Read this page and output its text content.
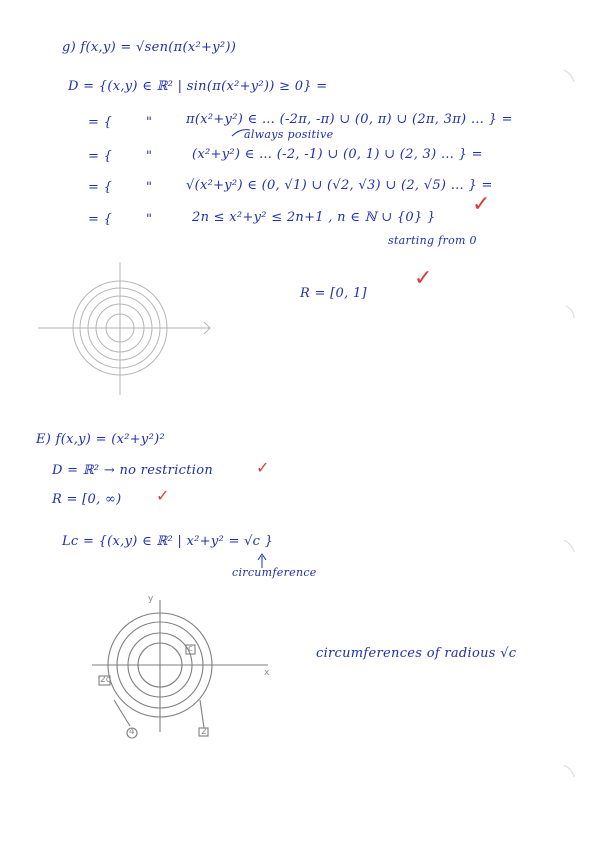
g) f(x,y) = √sen(π(x²+y²))
D = {(x,y) ∈ ℝ² | sin(π(x²+y²)) ≥ 0} =
= {	"	π(x²+y²) ∈ … (-2π, -π) ∪ (0, π) ∪ (2π, 3π) … } =
always positive
= {	"	(x²+y²) ∈ … (-2, -1) ∪ (0, 1) ∪ (2, 3) … } =
= {	"	√(x²+y²) ∈ (0, √1) ∪ (√2, √3) ∪ (2, √5) … } =
= {	"	2n ≤ x²+y² ≤ 2n+1 , n ∈ ℕ ∪ {0} }
✓
starting from 0
R = [0, 1]
✓
E) f(x,y) = (x²+y²)²
D = ℝ² → no restriction	✓
R = [0, ∞) ✓
Lc = {(x,y) ∈ ℝ² | x²+y² = √c }
circumference
y
x
c
2c
4	2
circumferences of radious √c
